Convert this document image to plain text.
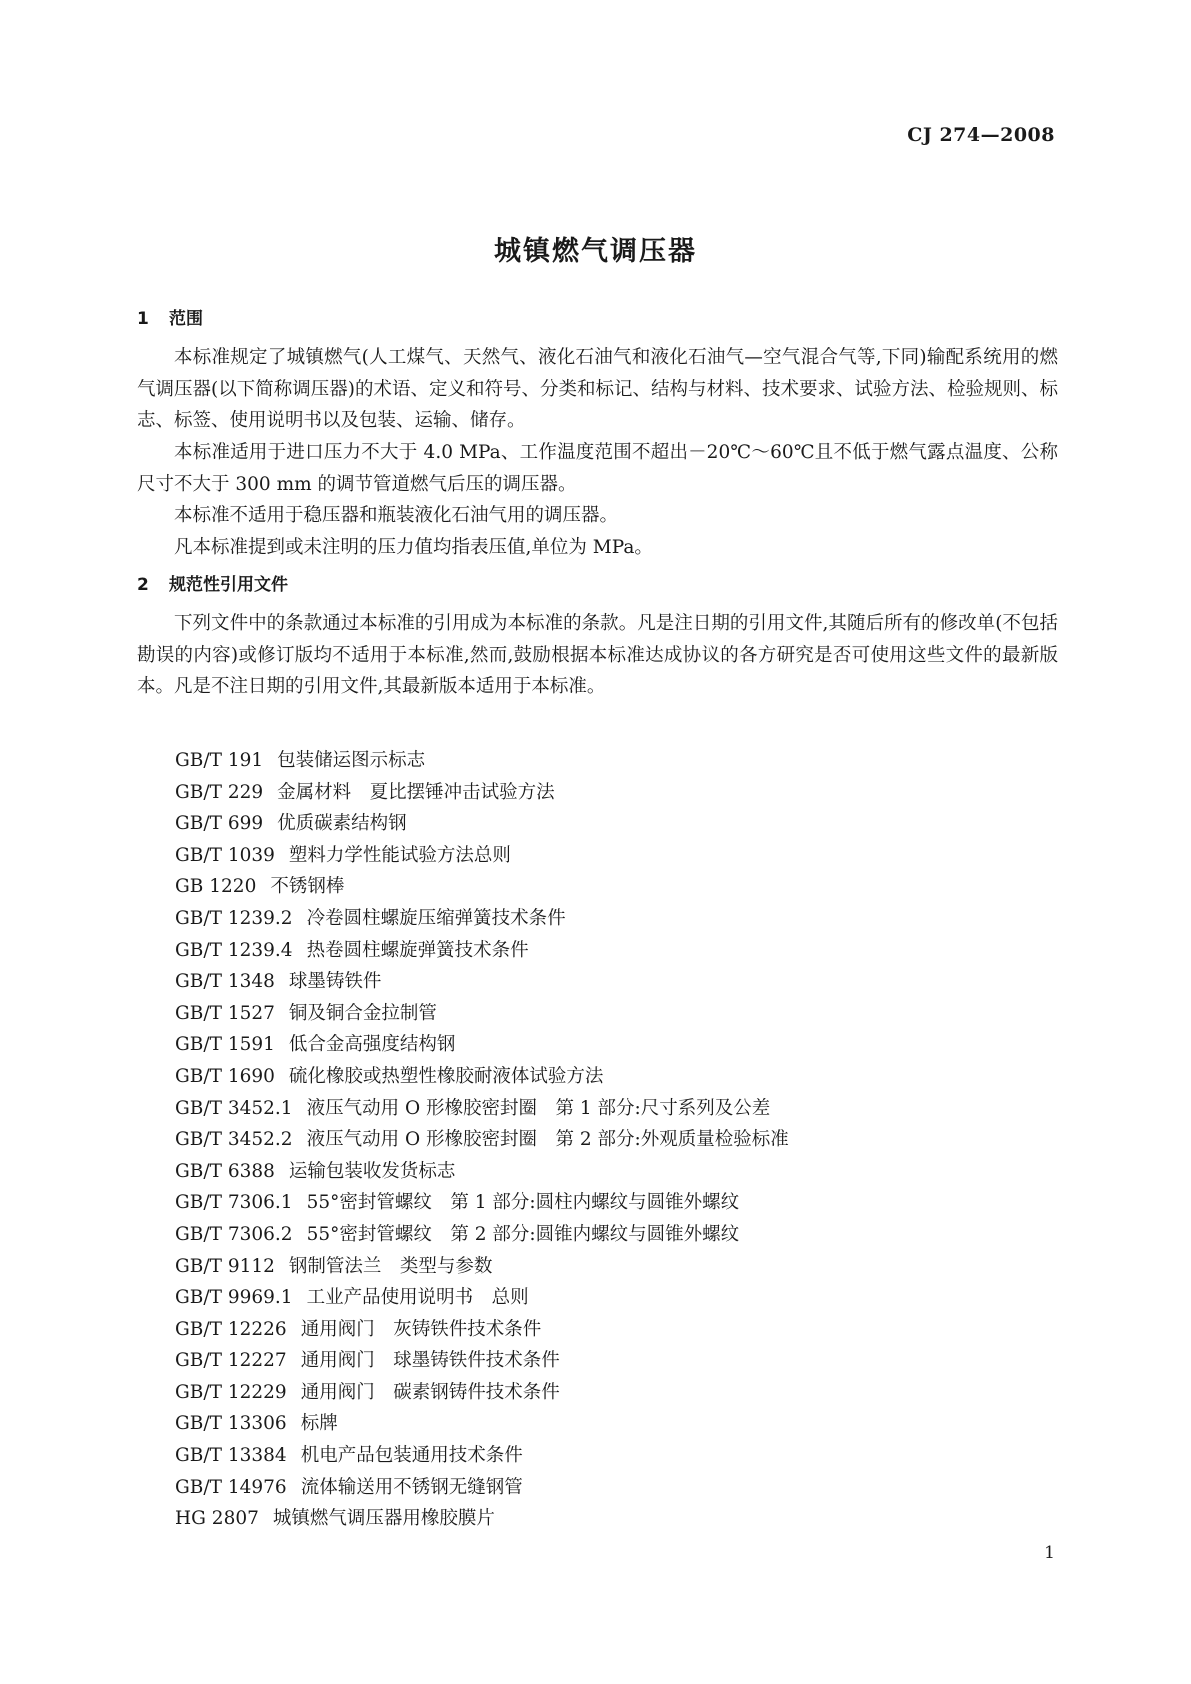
CJ 274—2008
城镇燃气调压器
1 范围
本标准规定了城镇燃气(人工煤气、天然气、液化石油气和液化石油气—空气混合气等,下同)输配系统用的燃气调压器(以下简称调压器)的术语、定义和符号、分类和标记、结构与材料、技术要求、试验方法、检验规则、标志、标签、使用说明书以及包装、运输、储存。
本标准适用于进口压力不大于 4.0 MPa、工作温度范围不超出－20℃～60℃且不低于燃气露点温度、公称尺寸不大于 300 mm 的调节管道燃气后压的调压器。
本标准不适用于稳压器和瓶装液化石油气用的调压器。
凡本标准提到或未注明的压力值均指表压值,单位为 MPa。
2 规范性引用文件
下列文件中的条款通过本标准的引用成为本标准的条款。凡是注日期的引用文件,其随后所有的修改单(不包括勘误的内容)或修订版均不适用于本标准,然而,鼓励根据本标准达成协议的各方研究是否可使用这些文件的最新版本。凡是不注日期的引用文件,其最新版本适用于本标准。
GB/T 191 包装储运图示标志
GB/T 229 金属材料　夏比摆锤冲击试验方法
GB/T 699 优质碳素结构钢
GB/T 1039 塑料力学性能试验方法总则
GB 1220 不锈钢棒
GB/T 1239.2 冷卷圆柱螺旋压缩弹簧技术条件
GB/T 1239.4 热卷圆柱螺旋弹簧技术条件
GB/T 1348 球墨铸铁件
GB/T 1527 铜及铜合金拉制管
GB/T 1591 低合金高强度结构钢
GB/T 1690 硫化橡胶或热塑性橡胶耐液体试验方法
GB/T 3452.1 液压气动用 O 形橡胶密封圈　第 1 部分:尺寸系列及公差
GB/T 3452.2 液压气动用 O 形橡胶密封圈　第 2 部分:外观质量检验标准
GB/T 6388 运输包装收发货标志
GB/T 7306.1 55°密封管螺纹　第 1 部分:圆柱内螺纹与圆锥外螺纹
GB/T 7306.2 55°密封管螺纹　第 2 部分:圆锥内螺纹与圆锥外螺纹
GB/T 9112 钢制管法兰　类型与参数
GB/T 9969.1 工业产品使用说明书　总则
GB/T 12226 通用阀门　灰铸铁件技术条件
GB/T 12227 通用阀门　球墨铸铁件技术条件
GB/T 12229 通用阀门　碳素钢铸件技术条件
GB/T 13306 标牌
GB/T 13384 机电产品包装通用技术条件
GB/T 14976 流体输送用不锈钢无缝钢管
HG 2807 城镇燃气调压器用橡胶膜片
1
